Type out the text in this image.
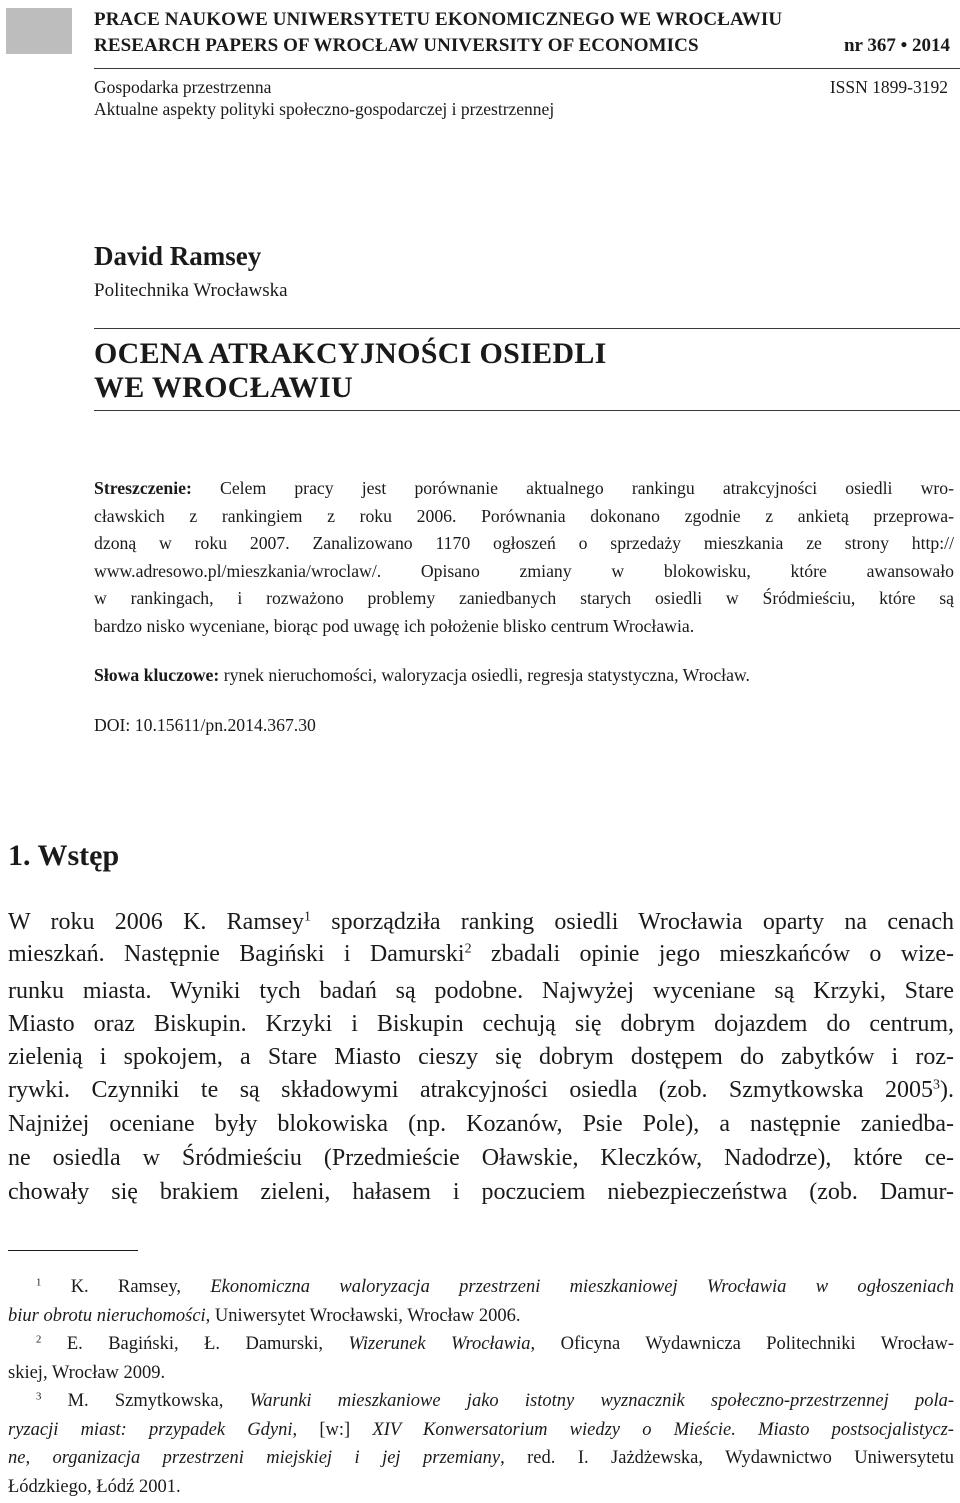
PRACE NAUKOWE UNIWERSYTETU EKONOMICZNEGO WE WROCŁAWIU
RESEARCH PAPERS OF WROCŁAW UNIVERSITY OF ECONOMICS	nr 367 • 2014
Gospodarka przestrzenna
Aktualne aspekty polityki społeczno-gospodarczej i przestrzennej
ISSN 1899-3192
David Ramsey
Politechnika Wrocławska
OCENA ATRAKCYJNOŚCI OSIEDLI
WE WROCŁAWIU
Streszczenie: Celem pracy jest porównanie aktualnego rankingu atrakcyjności osiedli wro-
cławskich z rankingiem z roku 2006. Porównania dokonano zgodnie z ankietą przeprowa-
dzoną w roku 2007. Zanalizowano 1170 ogłoszeń o sprzedaży mieszkania ze strony http://
www.adresowo.pl/mieszkania/wroclaw/. Opisano zmiany w blokowisku, które awansowało
w rankingach, i rozważono problemy zaniedbanych starych osiedli w Śródmieściu, które są
bardzo nisko wyceniane, biorąc pod uwagę ich położenie blisko centrum Wrocławia.
Słowa kluczowe: rynek nieruchomości, waloryzacja osiedli, regresja statystyczna, Wrocław.
DOI: 10.15611/pn.2014.367.30
1. Wstęp
W roku 2006 K. Ramsey$^1$ sporządziła ranking osiedli Wrocławia oparty na cenach
mieszkań. Następnie Bagiński i Damurski$^2$ zbadali opinie jego mieszkańców o wize-
runku miasta. Wyniki tych badań są podobne. Najwyżej wyceniane są Krzyki, Stare
Miasto oraz Biskupin. Krzyki i Biskupin cechują się dobrym dojazdem do centrum,
zielenią i spokojem, a Stare Miasto cieszy się dobrym dostępem do zabytków i roz-
rywki. Czynniki te są składowymi atrakcyjności osiedla (zob. Szmytkowska 2005$^3$).
Najniżej oceniane były blokowiska (np. Kozanów, Psie Pole), a następnie zaniedba-
ne osiedla w Śródmieściu (Przedmieście Oławskie, Kleczków, Nadodrze), które ce-
chowały się brakiem zieleni, hałasem i poczuciem niebezpieczeństwa (zob. Damur-
$^1$ K. Ramsey, Ekonomiczna waloryzacja przestrzeni mieszkaniowej Wrocławia w ogłoszeniach
biur obrotu nieruchomości, Uniwersytet Wrocławski, Wrocław 2006.
$^2$ E. Bagiński, Ł. Damurski, Wizerunek Wrocławia, Oficyna Wydawnicza Politechniki Wrocław-
skiej, Wrocław 2009.
$^3$ M. Szmytkowska, Warunki mieszkaniowe jako istotny wyznacznik społeczno-przestrzennej pola-
ryzacji miast: przypadek Gdyni, [w:] XIV Konwersatorium wiedzy o Mieście. Miasto postsocjalistycz-
ne, organizacja przestrzeni miejskiej i jej przemiany, red. I. Jażdżewska, Wydawnictwo Uniwersytetu
Łódzkiego, Łódź 2001.
